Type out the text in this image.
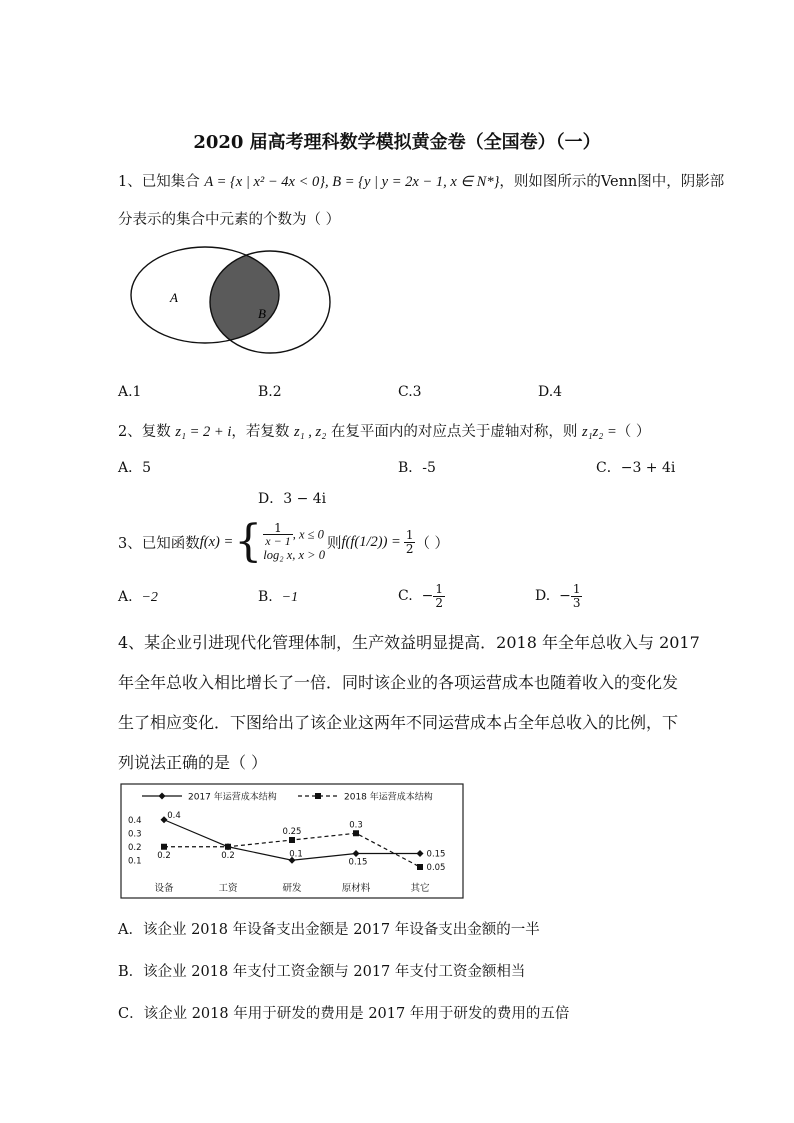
2020 届高考理科数学模拟黄金卷（全国卷）（一）
1、已知集合 A = {x | x² − 4x < 0}, B = {y | y = 2x − 1, x ∈ N*}，则如图所示的Venn图中，阴影部
分表示的集合中元素的个数为（ ）
A
B
A.1	B.2	C.3	D.4
2、复数 z₁ = 2 + i，若复数 z₁ , z₂ 在复平面内的对应点关于虚轴对称，则 z₁z₂ =（ ）
A．5	B．-5	C．−3 + 4i
D．3 − 4i
3、已知函数 f(x) = { $\frac{1}{x - 1}$ , x ≤ 0
log₂ x, x > 0
则 $f(f(1/2)) = \frac{1}{2}$ （ ）
A. −2	B. −1	C.
− $\frac{1}{2}$	D.
− $\frac{1}{3}$
4、某企业引进现代化管理体制，生产效益明显提高．2018 年全年总收入与 2017
年全年总收入相比增长了一倍．同时该企业的各项运营成本也随着收入的变化发
生了相应变化．下图给出了该企业这两年不同运营成本占全年总收入的比例，下
列说法正确的是（ ）
2017 年运营成本结构	2018 年运营成本结构
0.1
0.2
0.3
0.4
设备	工资	研发	原材料	其它
0.4
0.2	0.2	0.1
0.25
0.15
0.3
0.15
0.05
A．该企业 2018 年设备支出金额是 2017 年设备支出金额的一半
B．该企业 2018 年支付工资金额与 2017 年支付工资金额相当
C．该企业 2018 年用于研发的费用是 2017 年用于研发的费用的五倍
